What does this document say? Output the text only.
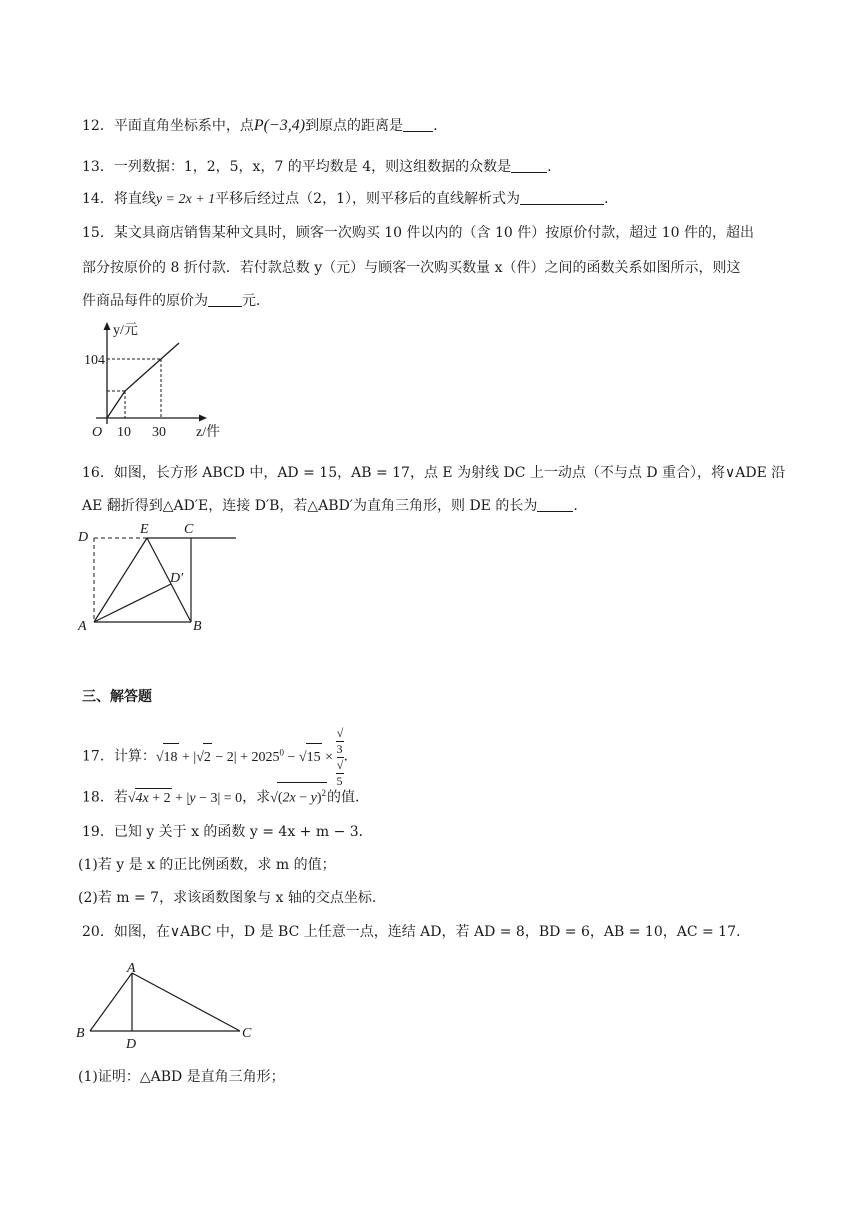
12．平面直角坐标系中，点P(−3,4)到原点的距离是 .
13．一列数据：1，2，5，x，7 的平均数是 4，则这组数据的众数是	.
14．将直线y = 2x + 1平移后经过点（2，1），则平移后的直线解析式为	.
15．某文具商店销售某种文具时，顾客一次购买 10 件以内的（含 10 件）按原价付款，超过 10 件的，超出
部分按原价的 8 折付款．若付款总数 y（元）与顾客一次购买数量 x（件）之间的函数关系如图所示，则这
件商品每件的原价为 元．
y/元
104
O 10 30 z/件
16．如图，长方形 ABCD 中，AD = 15，AB = 17，点 E 为射线 DC 上一动点（不与点 D 重合），将∨ADE 沿
AE 翻折得到△AD′E，连接 D′B，若△ABD′为直角三角形，则 DE 的长为	.
D
E	C
D′
A	B
三、解答题
17．计算：$√18 + |√2 - 2| + 2025^0 - √15$ × √
3
√
5 .
18．若√4x + 2 + |y − 3| = 0，求$√(2x - y)^2$的值.
19．已知 y 关于 x 的函数 y = 4x + m − 3．
(1)若 y 是 x 的正比例函数，求 m 的值；
(2)若 m = 7，求该函数图象与 x 轴的交点坐标.
20．如图，在∨ABC 中，D 是 BC 上任意一点，连结 AD，若 AD = 8，BD = 6，AB = 10，AC = 17.
A
B	C
D
(1)证明：△ABD 是直角三角形；
